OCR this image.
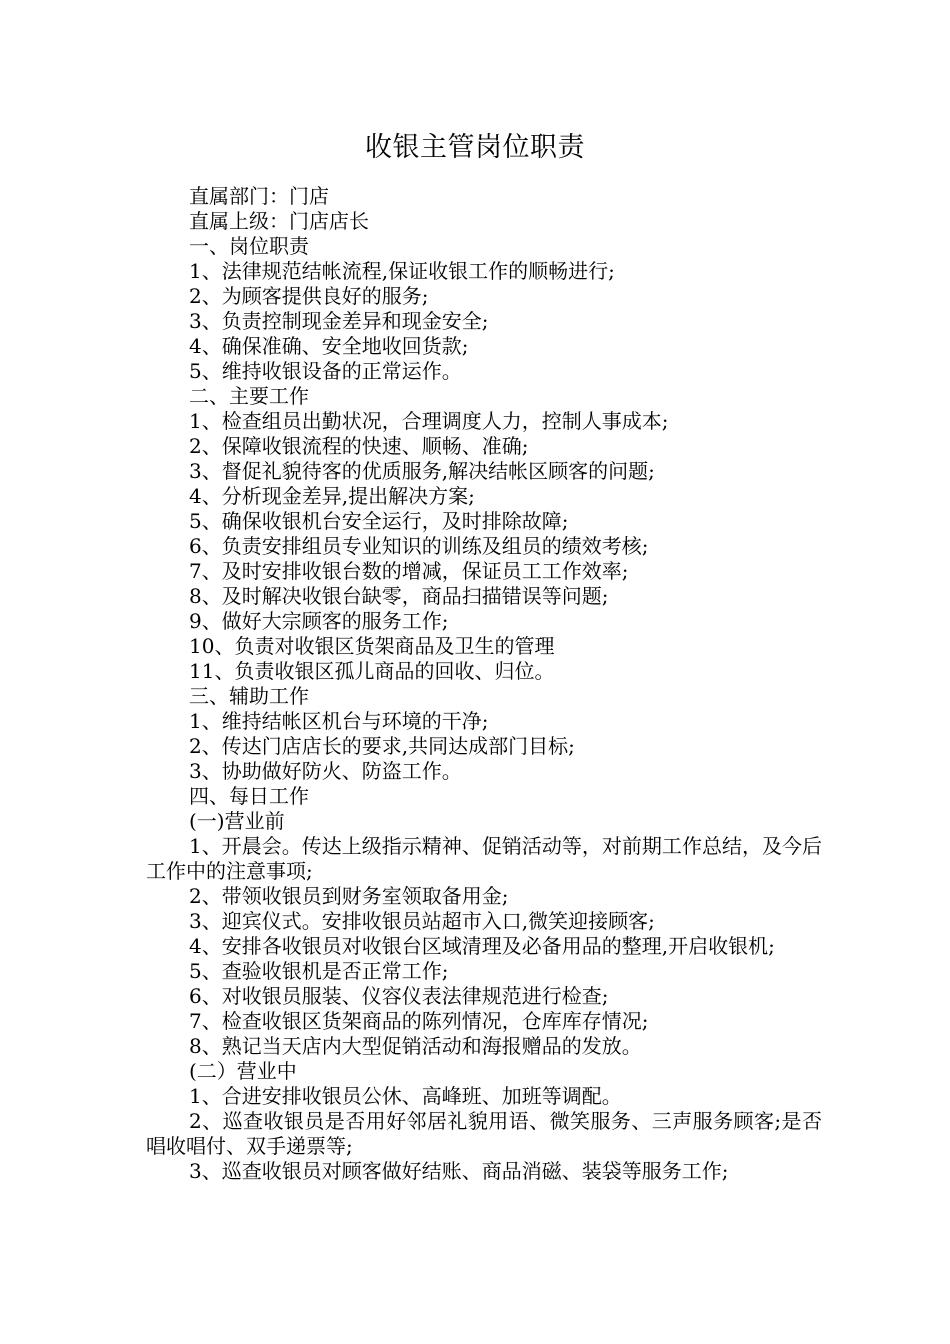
收银主管岗位职责

直属部门：门店

直属上级：门店店长

一、岗位职责

1、法律规范结帐流程,保证收银工作的顺畅进行;

2、为顾客提供良好的服务;

3、负责控制现金差异和现金安全;

4、确保准确、安全地收回货款;

5、维持收银设备的正常运作。

二、主要工作

1、检查组员出勤状况，合理调度人力，控制人事成本;

2、保障收银流程的快速、顺畅、准确;

3、督促礼貌待客的优质服务,解决结帐区顾客的问题;

4、分析现金差异,提出解决方案;

5、确保收银机台安全运行，及时排除故障;

6、负责安排组员专业知识的训练及组员的绩效考核;

7、及时安排收银台数的增减，保证员工工作效率;

8、及时解决收银台缺零，商品扫描错误等问题;

9、做好大宗顾客的服务工作;

10、负责对收银区货架商品及卫生的管理

11、负责收银区孤儿商品的回收、归位。

三、辅助工作

1、维持结帐区机台与环境的干净;

2、传达门店店长的要求,共同达成部门目标;

3、协助做好防火、防盗工作。

四、每日工作

(一)营业前

1、开晨会。传达上级指示精神、促销活动等，对前期工作总结，及今后工作中的注意事项;

2、带领收银员到财务室领取备用金;

3、迎宾仪式。安排收银员站超市入口,微笑迎接顾客;

4、安排各收银员对收银台区域清理及必备用品的整理,开启收银机;

5、查验收银机是否正常工作;

6、对收银员服装、仪容仪表法律规范进行检查;

7、检查收银区货架商品的陈列情况，仓库库存情况;

8、熟记当天店内大型促销活动和海报赠品的发放。

(二）营业中

1、合进安排收银员公休、高峰班、加班等调配。

2、巡查收银员是否用好邻居礼貌用语、微笑服务、三声服务顾客;是否唱收唱付、双手递票等;

3、巡查收银员对顾客做好结账、商品消磁、装袋等服务工作;
